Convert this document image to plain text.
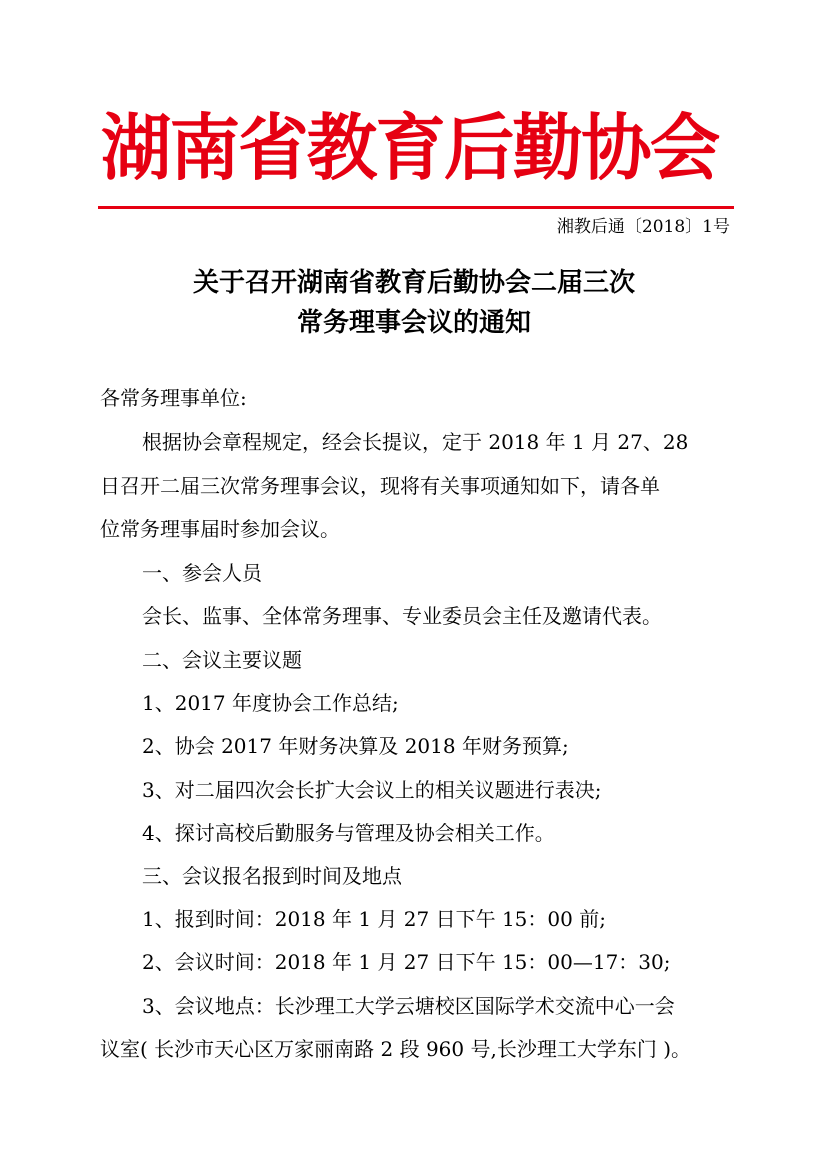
湖南省教育后勤协会
湘教后通〔2018〕1号
关于召开湖南省教育后勤协会二届三次
常务理事会议的通知
各常务理事单位:
根据协会章程规定，经会长提议，定于 2018 年 1 月 27、28
日召开二届三次常务理事会议，现将有关事项通知如下，请各单
位常务理事届时参加会议。
一、参会人员
会长、监事、全体常务理事、专业委员会主任及邀请代表。
二、会议主要议题
1、2017 年度协会工作总结;
2、协会 2017 年财务决算及 2018 年财务预算;
3、对二届四次会长扩大会议上的相关议题进行表决;
4、探讨高校后勤服务与管理及协会相关工作。
三、会议报名报到时间及地点
1、报到时间：2018 年 1 月 27 日下午 15：00 前;
2、会议时间：2018 年 1 月 27 日下午 15：00—17：30;
3、会议地点：长沙理工大学云塘校区国际学术交流中心一会
议室( 长沙市天心区万家丽南路 2 段 960 号,长沙理工大学东门 )。
